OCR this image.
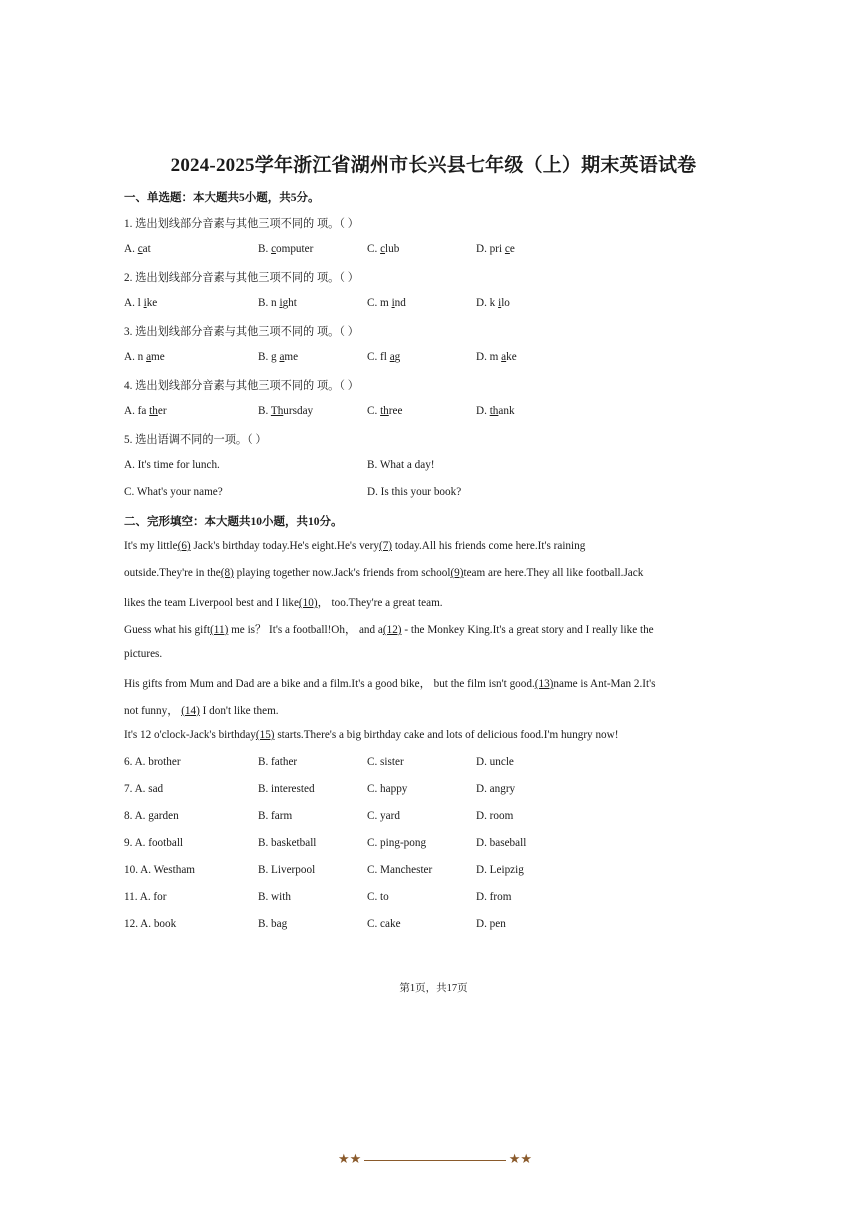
2024-2025学年浙江省湖州市长兴县七年级（上）期末英语试卷
一、单选题：本大题共5小题，共5分。
1. 选出划线部分音素与其他三项不同的 项。（ ）
A. cat	B. computer	C. club	D. pri ce
2. 选出划线部分音素与其他三项不同的 项。（ ）
A. l ike	B. n ight	C. m ind	D. k ilo
3. 选出划线部分音素与其他三项不同的 项。（ ）
A. n ame	B. g ame	C. fl ag	D. m ake
4. 选出划线部分音素与其他三项不同的 项。（ ）
A. fa ther	B. Thursday	C. three	D. thank
5. 选出语调不同的一项。（ ）
A. It's time for lunch.	B. What a day!
C. What's your name?	D. Is this your book?
二、完形填空：本大题共10小题，共10分。
It's my little(6) Jack's birthday today.He's eight.He's very(7) today.All his friends come here.It's raining
outside.They're in the(8) playing together now.Jack's friends from school(9)team are here.They all like football.Jack
likes the team Liverpool best and I like(10)， too.They're a great team.
Guess what his gift(11) me is？ It's a football!Oh， and a(12) - the Monkey King.It's a great story and I really like the
pictures.
His gifts from Mum and Dad are a bike and a film.It's a good bike， but the film isn't good.(13)name is Ant-Man 2.It's
not funny， (14) I don't like them.
It's 12 o'clock-Jack's birthday(15) starts.There's a big birthday cake and lots of delicious food.I'm hungry now!
6. A. brother	B. father	C. sister	D. uncle
7. A. sad	B. interested	C. happy	D. angry
8. A. garden	B. farm	C. yard	D. room
9. A. football	B. basketball	C. ping-pong	D. baseball
10. A. Westham	B. Liverpool	C. Manchester	D. Leipzig
11. A. for	B. with	C. to	D. from
12. A. book	B. bag	C. cake	D. pen
第1页，共17页
★★	★★
